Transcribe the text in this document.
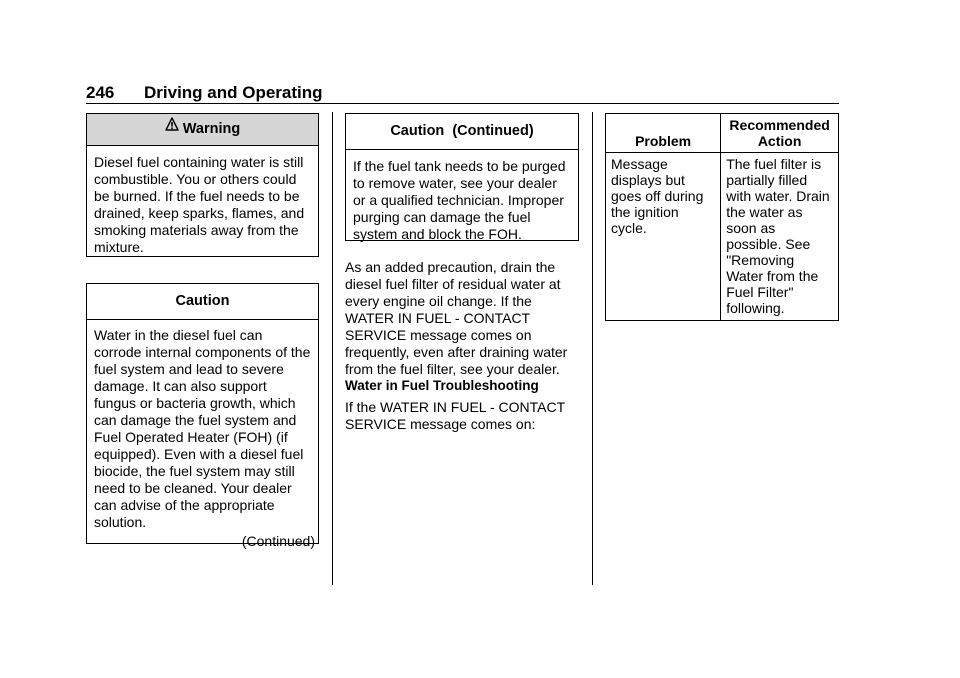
246 Driving and Operating
Warning
Diesel fuel containing water is still combustible. You or others could be burned. If the fuel needs to be drained, keep sparks, flames, and smoking materials away from the mixture.
Caution
Water in the diesel fuel can corrode internal components of the fuel system and lead to severe damage. It can also support fungus or bacteria growth, which can damage the fuel system and Fuel Operated Heater (FOH) (if equipped). Even with a diesel fuel biocide, the fuel system may still need to be cleaned. Your dealer can advise of the appropriate solution.
(Continued)
Caution  (Continued)
If the fuel tank needs to be purged to remove water, see your dealer or a qualified technician. Improper purging can damage the fuel system and block the FOH.
As an added precaution, drain the diesel fuel filter of residual water at every engine oil change. If the WATER IN FUEL - CONTACT SERVICE message comes on frequently, even after draining water from the fuel filter, see your dealer.
Water in Fuel Troubleshooting
If the WATER IN FUEL - CONTACT SERVICE message comes on:
Problem	Recommended Action
Message displays but goes off during the ignition cycle.	The fuel filter is partially filled with water. Drain the water as soon as possible. See "Removing Water from the Fuel Filter" following.
